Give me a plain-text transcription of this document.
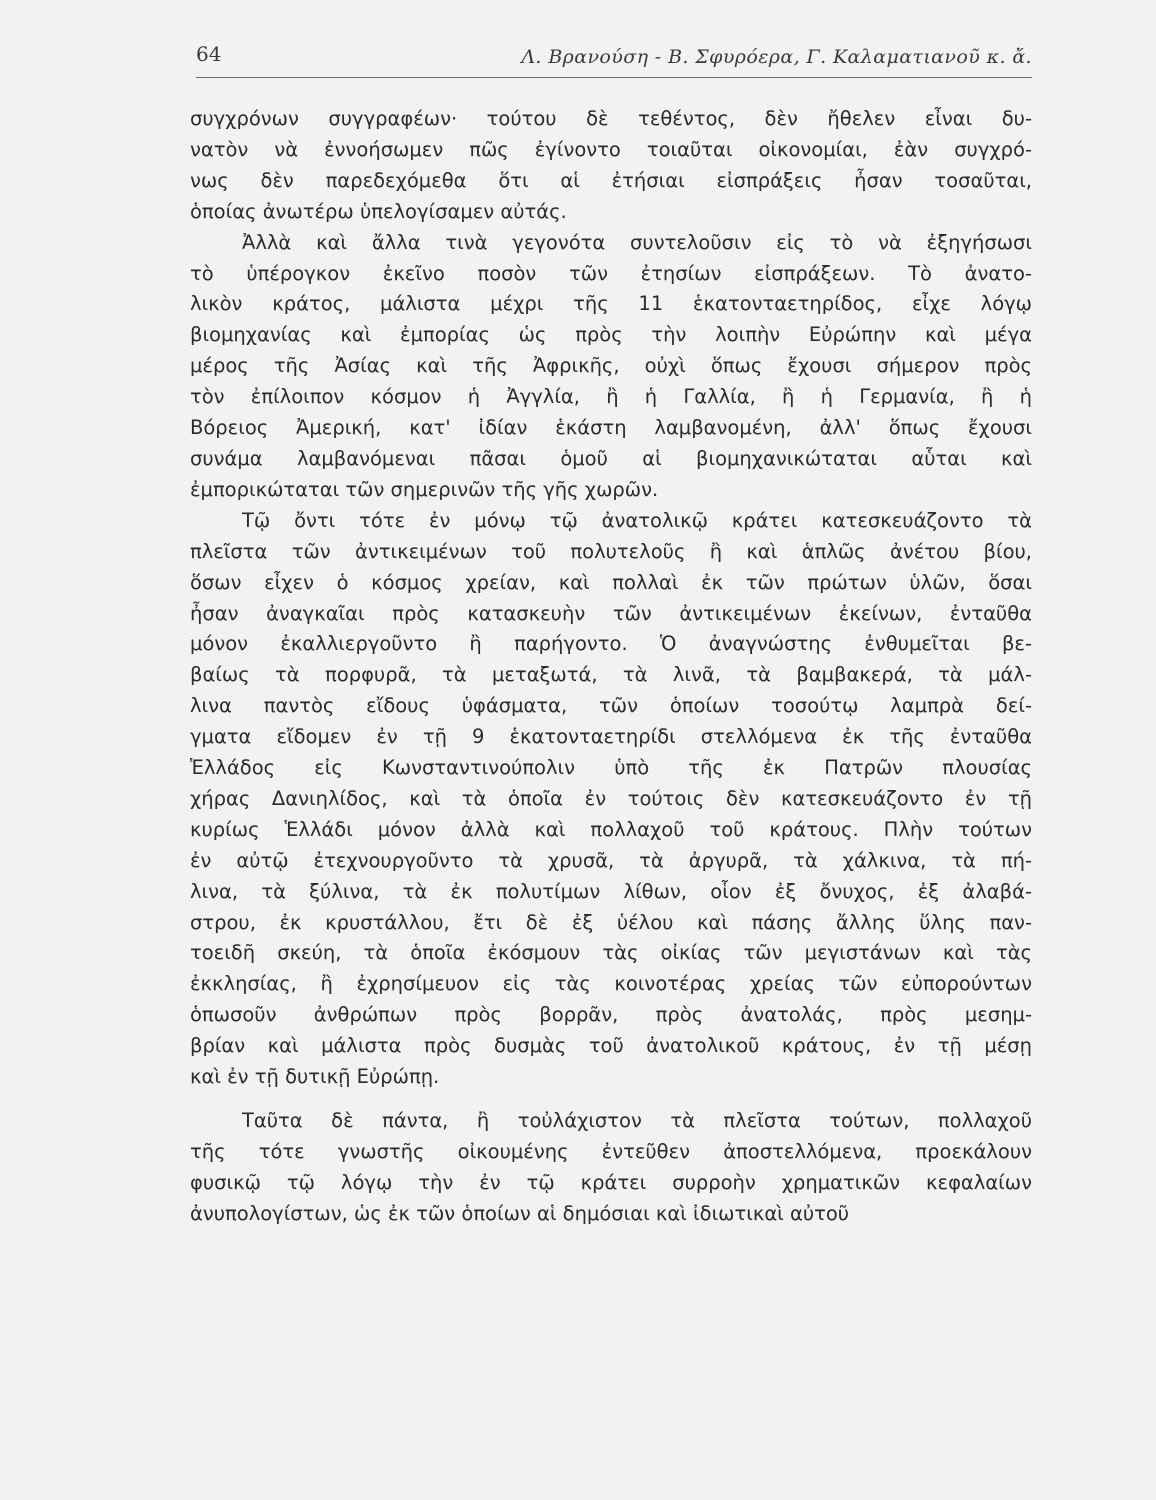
64	Λ. Βρανούση - Β. Σφυρόερα, Γ. Καλαματιανοῦ κ. ἄ.
συγχρόνων συγγραφέων· τούτου δὲ τεθέντος, δὲν ἤθελεν εἶναι δυ-
νατὸν νὰ ἐννοήσωμεν πῶς ἐγίνοντο τοιαῦται οἰκονομίαι, ἐὰν συγχρό-
νως δὲν παρεδεχόμεθα ὅτι αἱ ἐτήσιαι εἰσπράξεις ἦσαν τοσαῦται,
ὁποίας ἀνωτέρω ὑπελογίσαμεν αὐτάς.
Ἀλλὰ καὶ ἄλλα τινὰ γεγονότα συντελοῦσιν εἰς τὸ νὰ ἐξηγήσωσι
τὸ ὑπέρογκον ἐκεῖνο ποσὸν τῶν ἐτησίων εἰσπράξεων. Τὸ ἀνατο-
λικὸν κράτος, μάλιστα μέχρι τῆς 11 ἑκατονταετηρίδος, εἶχε λόγῳ
βιομηχανίας καὶ ἐμπορίας ὡς πρὸς τὴν λοιπὴν Εὐρώπην καὶ μέγα
μέρος τῆς Ἀσίας καὶ τῆς Ἀφρικῆς, οὐχὶ ὅπως ἔχουσι σήμερον πρὸς
τὸν ἐπίλοιπον κόσμον ἡ Ἀγγλία, ἢ ἡ Γαλλία, ἢ ἡ Γερμανία, ἢ ἡ
Βόρειος Ἀμερική, κατ' ἰδίαν ἑκάστη λαμβανομένη, ἀλλ' ὅπως ἔχουσι
συνάμα λαμβανόμεναι πᾶσαι ὁμοῦ αἱ βιομηχανικώταται αὗται καὶ
ἐμπορικώταται τῶν σημερινῶν τῆς γῆς χωρῶν.
Τῷ ὄντι τότε ἐν μόνῳ τῷ ἀνατολικῷ κράτει κατεσκευάζοντο τὰ
πλεῖστα τῶν ἀντικειμένων τοῦ πολυτελοῦς ἢ καὶ ἁπλῶς ἀνέτου βίου,
ὅσων εἶχεν ὁ κόσμος χρείαν, καὶ πολλαὶ ἐκ τῶν πρώτων ὑλῶν, ὅσαι
ἦσαν ἀναγκαῖαι πρὸς κατασκευὴν τῶν ἀντικειμένων ἐκείνων, ἐνταῦθα
μόνον ἐκαλλιεργοῦντο ἢ παρήγοντο. Ὁ ἀναγνώστης ἐνθυμεῖται βε-
βαίως τὰ πορφυρᾶ, τὰ μεταξωτά, τὰ λινᾶ, τὰ βαμβακερά, τὰ μάλ-
λινα παντὸς εἴδους ὑφάσματα, τῶν ὁποίων τοσούτῳ λαμπρὰ δεί-
γματα εἴδομεν ἐν τῇ 9 ἑκατονταετηρίδι στελλόμενα ἐκ τῆς ἐνταῦθα
Ἑλλάδος εἰς Κωνσταντινούπολιν ὑπὸ τῆς ἐκ Πατρῶν πλουσίας
χήρας Δανιηλίδος, καὶ τὰ ὁποῖα ἐν τούτοις δὲν κατεσκευάζοντο ἐν τῇ
κυρίως Ἑλλάδι μόνον ἀλλὰ καὶ πολλαχοῦ τοῦ κράτους. Πλὴν τούτων
ἐν αὐτῷ ἐτεχνουργοῦντο τὰ χρυσᾶ, τὰ ἀργυρᾶ, τὰ χάλκινα, τὰ πή-
λινα, τὰ ξύλινα, τὰ ἐκ πολυτίμων λίθων, οἷον ἐξ ὄνυχος, ἐξ ἀλαβά-
στρου, ἐκ κρυστάλλου, ἔτι δὲ ἐξ ὑέλου καὶ πάσης ἄλλης ὕλης παν-
τοειδῆ σκεύη, τὰ ὁποῖα ἐκόσμουν τὰς οἰκίας τῶν μεγιστάνων καὶ τὰς
ἐκκλησίας, ἢ ἐχρησίμευον εἰς τὰς κοινοτέρας χρείας τῶν εὐπορούντων
ὁπωσοῦν ἀνθρώπων πρὸς βορρᾶν, πρὸς ἀνατολάς, πρὸς μεσημ-
βρίαν καὶ μάλιστα πρὸς δυσμὰς τοῦ ἀνατολικοῦ κράτους, ἐν τῇ μέσῃ
καὶ ἐν τῇ δυτικῇ Εὐρώπῃ.
Ταῦτα δὲ πάντα, ἢ τοὐλάχιστον τὰ πλεῖστα τούτων, πολλαχοῦ
τῆς τότε γνωστῆς οἰκουμένης ἐντεῦθεν ἀποστελλόμενα, προεκάλουν
φυσικῷ τῷ λόγῳ τὴν ἐν τῷ κράτει συρροὴν χρηματικῶν κεφαλαίων
ἀνυπολογίστων, ὡς ἐκ τῶν ὁποίων αἱ δημόσιαι καὶ ἰδιωτικαὶ αὐτοῦ
